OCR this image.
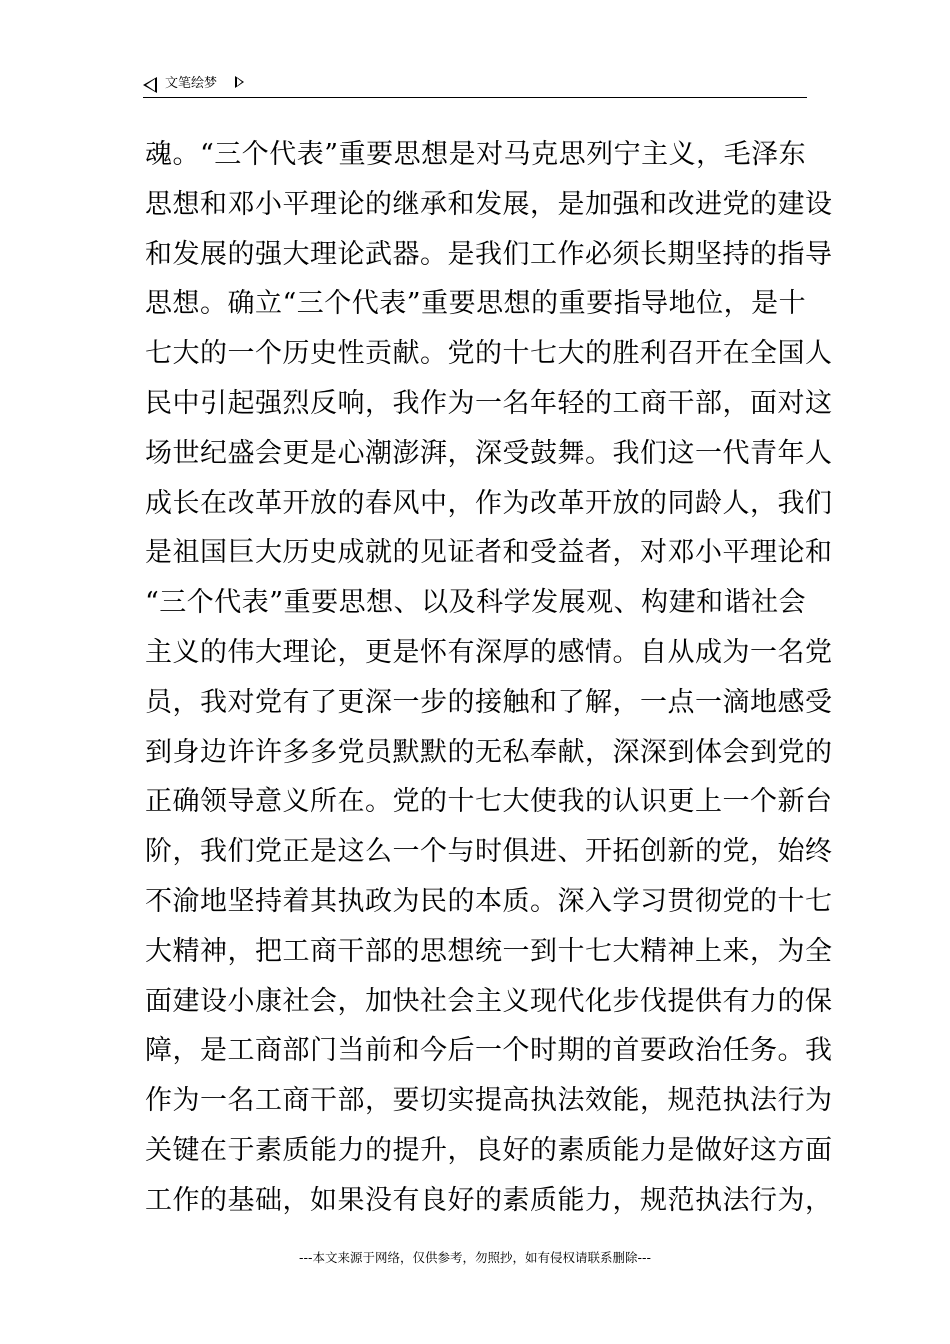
文笔绘梦
魂。“三个代表”重要思想是对马克思列宁主义，毛泽东
思想和邓小平理论的继承和发展，是加强和改进党的建设
和发展的强大理论武器。是我们工作必须长期坚持的指导
思想。确立“三个代表”重要思想的重要指导地位，是十
七大的一个历史性贡献。党的十七大的胜利召开在全国人
民中引起强烈反响，我作为一名年轻的工商干部，面对这
场世纪盛会更是心潮澎湃，深受鼓舞。我们这一代青年人
成长在改革开放的春风中，作为改革开放的同龄人，我们
是祖国巨大历史成就的见证者和受益者，对邓小平理论和
“三个代表”重要思想、以及科学发展观、构建和谐社会
主义的伟大理论，更是怀有深厚的感情。自从成为一名党
员，我对党有了更深一步的接触和了解，一点一滴地感受
到身边许许多多党员默默的无私奉献，深深到体会到党的
正确领导意义所在。党的十七大使我的认识更上一个新台
阶，我们党正是这么一个与时俱进、开拓创新的党，始终
不渝地坚持着其执政为民的本质。深入学习贯彻党的十七
大精神，把工商干部的思想统一到十七大精神上来，为全
面建设小康社会，加快社会主义现代化步伐提供有力的保
障，是工商部门当前和今后一个时期的首要政治任务。我
作为一名工商干部，要切实提高执法效能，规范执法行为
关键在于素质能力的提升，良好的素质能力是做好这方面
工作的基础，如果没有良好的素质能力，规范执法行为，
---本文来源于网络，仅供参考，勿照抄，如有侵权请联系删除---
